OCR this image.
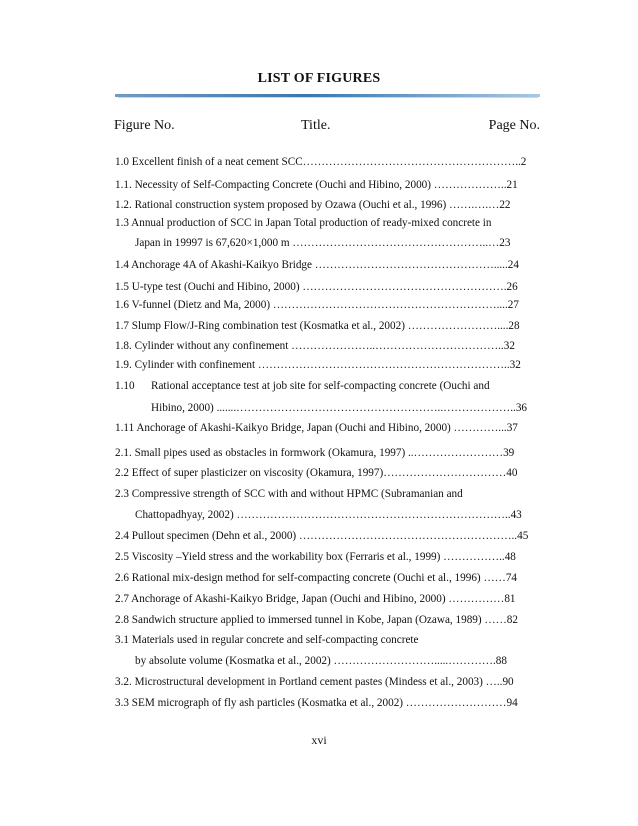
LIST OF FIGURES
Figure No.	Title.	Page No.
1.0 Excellent finish of a neat cement SCC…………………………………………………..2
1.1. Necessity of Self-Compacting Concrete (Ouchi and Hibino, 2000) ………………..21
1.2. Rational construction system proposed by Ozawa (Ouchi et al., 1996) …….….…22
1.3 Annual production of SCC in Japan Total production of ready-mixed concrete in
Japan in 19997 is 67,620×1,000 m ……………………………………………..…23
1.4 Anchorage 4A of Akashi-Kaikyo Bridge ………………………………………….....24
1.5 U-type test (Ouchi and Hibino, 2000) ……………………………………………….26
1.6 V-funnel (Dietz and Ma, 2000) ……………………………………………………....27
1.7 Slump Flow/J-Ring combination test (Kosmatka et al., 2002) ……………………....28
1.8. Cylinder without any confinement …………………..……………………………..32
1.9. Cylinder with confinement …………………………………………………………..32
1.10	Rational acceptance test at job site for self-compacting concrete (Ouchi and
Hibino, 2000) .......………………………………………………..………………..36
1.11 Anchorage of Akashi-Kaikyo Bridge, Japan (Ouchi and Hibino, 2000) …………...37
2.1. Small pipes used as obstacles in formwork (Okamura, 1997) ..……………………39
2.2 Effect of super plasticizer on viscosity (Okamura, 1997)……………………………40
2.3 Compressive strength of SCC with and without HPMC (Subramanian and
Chattopadhyay, 2002) ………………………………………………………………..43
2.4 Pullout specimen (Dehn et al., 2000) …………………………………………………..45
2.5 Viscosity –Yield stress and the workability box (Ferraris et al., 1999) ……………..48
2.6 Rational mix-design method for self-compacting concrete (Ouchi et al., 1996) ……74
2.7 Anchorage of Akashi-Kaikyo Bridge, Japan (Ouchi and Hibino, 2000) ……………81
2.8 Sandwich structure applied to immersed tunnel in Kobe, Japan (Ozawa, 1989) ……82
3.1 Materials used in regular concrete and self-compacting concrete
by absolute volume (Kosmatka et al., 2002) ……………………….....………….88
3.2. Microstructural development in Portland cement pastes (Mindess et al., 2003) …..90
3.3 SEM micrograph of fly ash particles (Kosmatka et al., 2002) ………………………94
xvi
